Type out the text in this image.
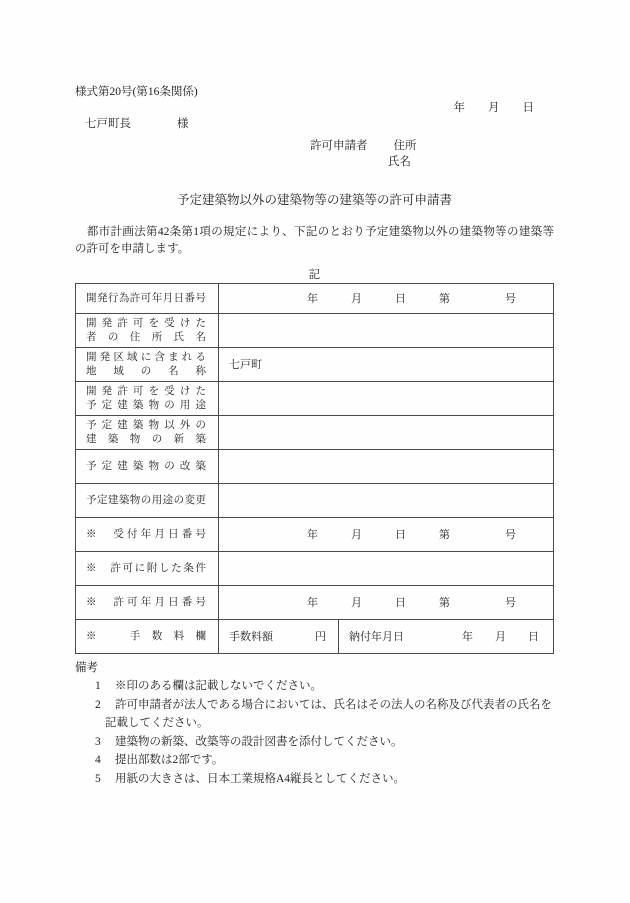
様式第20号(第16条関係)
年　　月　　日
七戸町長	様
許可申請者 住所
氏名
予定建築物以外の建築物等の建築等の許可申請書
　都市計画法第42条第1項の規定により、下記のとおり予定建築物以外の建築物等の建築等
の許可を申請します。
記
開発行為許可年月日番号	年　　　月　　　日　　　第　　　　　号	

開発許可を受けた
者の住所氏名		

開発区域に含まれる
地域の名称	七戸町	

開発許可を受けた
予定建築物の用途		

予定建築物以外の
建築物の新築		

予定建築物の改築		

予定建築物の用途の変更		

※　受付年月日番号	年　　　月　　　日　　　第　　　　　号	

※　許可に附した条件		

※　許可年月日番号	年　　　月　　　日　　　第　　　　　号	

※　手数料欄	手数料額 円	納付年月日 年　　月　　日
備考
1	※印のある欄は記載しないでください。
2	許可申請者が法人である場合においては、氏名はその法人の名称及び代表者の氏名を
記載してください。
3	建築物の新築、改築等の設計図書を添付してください。
4	提出部数は2部です。
5	用紙の大きさは、日本工業規格A4縦長としてください。
